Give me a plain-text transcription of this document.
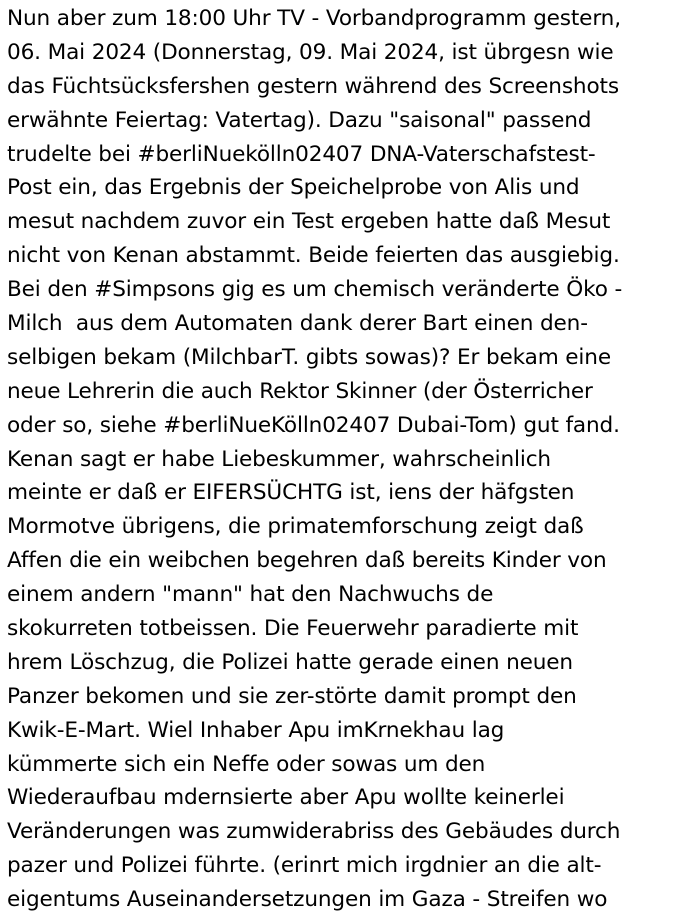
Nun aber zum 18:00 Uhr TV - Vorbandprogramm gestern,
06. Mai 2024 (Donnerstag, 09. Mai 2024, ist übrgesn wie
das Füchtsücksfershen gestern während des Screenshots
erwähnte Feiertag: Vatertag). Dazu "saisonal" passend
trudelte bei #berliNuekölln02407 DNA-Vaterschafstest-
Post ein, das Ergebnis der Speichelprobe von Alis und
mesut nachdem zuvor ein Test ergeben hatte daß Mesut
nicht von Kenan abstammt. Beide feierten das ausgiebig.
Bei den #Simpsons gig es um chemisch veränderte Öko -
Milch  aus dem Automaten dank derer Bart einen den-
selbigen bekam (MilchbarT. gibts sowas)? Er bekam eine
neue Lehrerin die auch Rektor Skinner (der Österricher
oder so, siehe #berliNueKölln02407 Dubai-Tom) gut fand.
Kenan sagt er habe Liebeskummer, wahrscheinlich
meinte er daß er EIFERSÜCHTG ist, iens der häfgsten
Mormotve übrigens, die primatemforschung zeigt daß
Affen die ein weibchen begehren daß bereits Kinder von
einem andern "mann" hat den Nachwuchs de
skokurreten totbeissen. Die Feuerwehr paradierte mit
hrem Löschzug, die Polizei hatte gerade einen neuen
Panzer bekomen und sie zer-störte damit prompt den
Kwik-E-Mart. Wiel Inhaber Apu imKrnekhau lag
kümmerte sich ein Neffe oder sowas um den
Wiederaufbau mdernsierte aber Apu wollte keinerlei
Veränderungen was zumwiderabriss des Gebäudes durch
pazer und Polizei führte. (erinrt mich irgdnier an die alt-
eigentums Auseinandersetzungen im Gaza - Streifen wo
